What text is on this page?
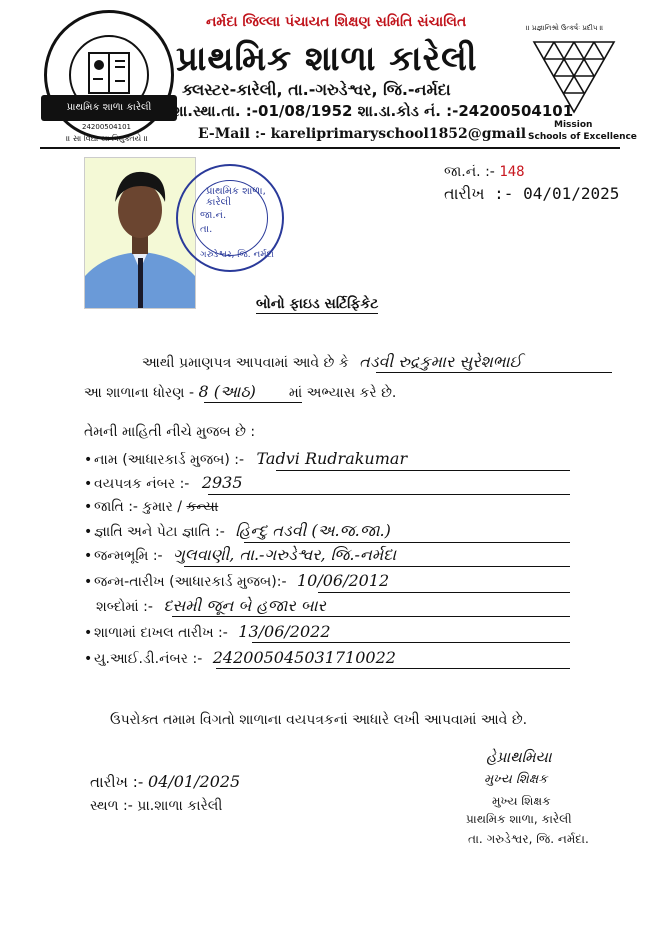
પ્રાથમિક શાળા કારેલી
24200504101
નર્મદા જિલ્લા પંચાયત શિક્ષણ સમિતિ સંચાલિત
પ્રાથમિક શાળા કારેલી
ક્લસ્ટર-કારેલી, તા.-ગરુડેશ્વર, જિ.-નર્મદા
શા.સ્થા.તા. :-01/08/1952 શા.ડા.કોડ નં. :-24200504101
E-Mail :- kareliprimaryschool1852@gmail
॥ સા વિદ્યા યા વિમુક્તયે ॥
॥ પ્રજ્ઞાનિશ્રો ઉત્કર્ષઃ પ્રદીપ ॥
Mission
Schools of Excellence
પ્રાથમિક શાળા, કારેલી
જા.નં.
તા.
ગરુડેશ્વર, જિ. નર્મદા
જા.નં. :- 148
તારીખ :- 04/01/2025
બોનો ફાઇડ સર્ટિફિકેટ
આથી પ્રમાણપત્ર આપવામાં આવે છે કે તડવી રુદ્રકુમાર સુરેશભાઈ
આ શાળાના ધોરણ - 8 (આઠ) માં અભ્યાસ કરે છે.
તેમની માહિતી નીચે મુજબ છે :
• નામ (આધારકાર્ડ મુજબ) :- Tadvi Rudrakumar
• વયપત્રક નંબર :- 2935
• જાતિ :- કુમાર / કન્યા
• જ્ઞાતિ અને પેટા જ્ઞાતિ :- હિન્દુ તડવી (અ.જ.જા.)
• જન્મભૂમિ :- ગુલવાણી, તા.-ગરુડેશ્વર, જિ.-નર્મદા
• જન્મ-તારીખ (આધારકાર્ડ મુજબ):- 10/06/2012
શબ્દોમાં :- દસમી જૂન બે હજાર બાર
• શાળામાં દાખલ તારીખ :- 13/06/2022
• યુ.આઈ.ડી.નંબર :- 242005045031710022
ઉપરોક્ત તમામ વિગતો શાળાના વયપત્રકનાં આધારે લખી આપવામાં આવે છે.
તારીખ :- 04/01/2025
સ્થળ :- પ્રા.શાળા કારેલી
હેપ્રાથમિયા
મુખ્ય શિક્ષક
મુખ્ય શિક્ષક
પ્રાથમિક શાળા, કારેલી
તા. ગરુડેશ્વર, જિ. નર્મદા.
